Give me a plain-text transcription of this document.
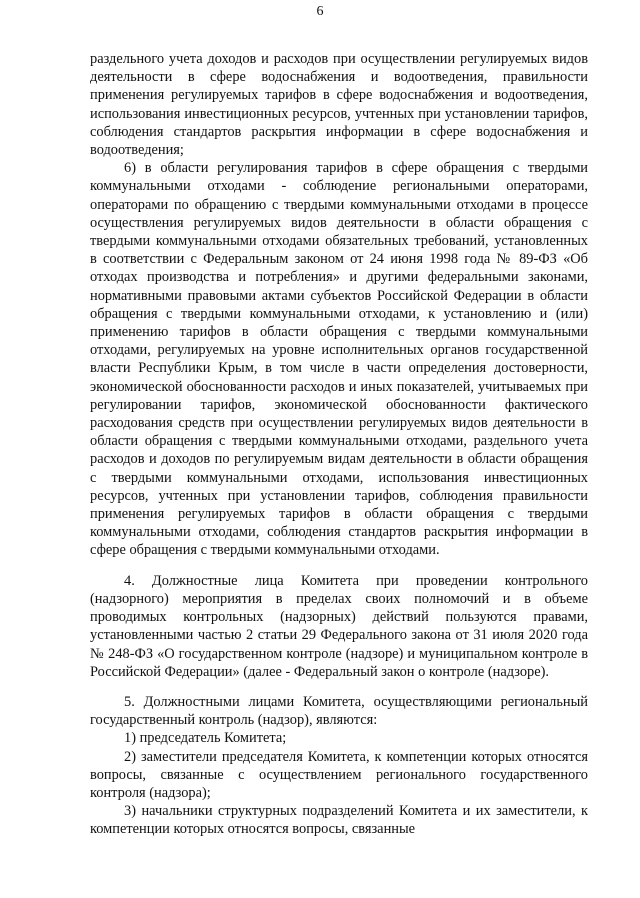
6

раздельного учета доходов и расходов при осуществлении регулируемых видов деятельности в сфере водоснабжения и водоотведения, правильности применения регулируемых тарифов в сфере водоснабжения и водоотведения, использования инвестиционных ресурсов, учтенных при установлении тарифов, соблюдения стандартов раскрытия информации в сфере водоснабжения и водоотведения;

6) в области регулирования тарифов в сфере обращения с твердыми коммунальными отходами - соблюдение региональными операторами, операторами по обращению с твердыми коммунальными отходами в процессе осуществления регулируемых видов деятельности в области обращения с твердыми коммунальными отходами обязательных требований, установленных в соответствии с Федеральным законом от 24 июня 1998 года № 89-ФЗ «Об отходах производства и потребления» и другими федеральными законами, нормативными правовыми актами субъектов Российской Федерации в области обращения с твердыми коммунальными отходами, к установлению и (или) применению тарифов в области обращения с твердыми коммунальными отходами, регулируемых на уровне исполнительных органов государственной власти Республики Крым, в том числе в части определения достоверности, экономической обоснованности расходов и иных показателей, учитываемых при регулировании тарифов, экономической обоснованности фактического расходования средств при осуществлении регулируемых видов деятельности в области обращения с твердыми коммунальными отходами, раздельного учета расходов и доходов по регулируемым видам деятельности в области обращения с твердыми коммунальными отходами, использования инвестиционных ресурсов, учтенных при установлении тарифов, соблюдения правильности применения регулируемых тарифов в области обращения с твердыми коммунальными отходами, соблюдения стандартов раскрытия информации в сфере обращения с твердыми коммунальными отходами.

4. Должностные лица Комитета при проведении контрольного (надзорного) мероприятия в пределах своих полномочий и в объеме проводимых контрольных (надзорных) действий пользуются правами, установленными частью 2 статьи 29 Федерального закона от 31 июля 2020 года № 248-ФЗ «О государственном контроле (надзоре) и муниципальном контроле в Российской Федерации» (далее - Федеральный закон о контроле (надзоре).

5. Должностными лицами Комитета, осуществляющими региональный государственный контроль (надзор), являются:

1) председатель Комитета;

2) заместители председателя Комитета, к компетенции которых относятся вопросы, связанные с осуществлением регионального государственного контроля (надзора);

3) начальники структурных подразделений Комитета и их заместители, к компетенции которых относятся вопросы, связанные
